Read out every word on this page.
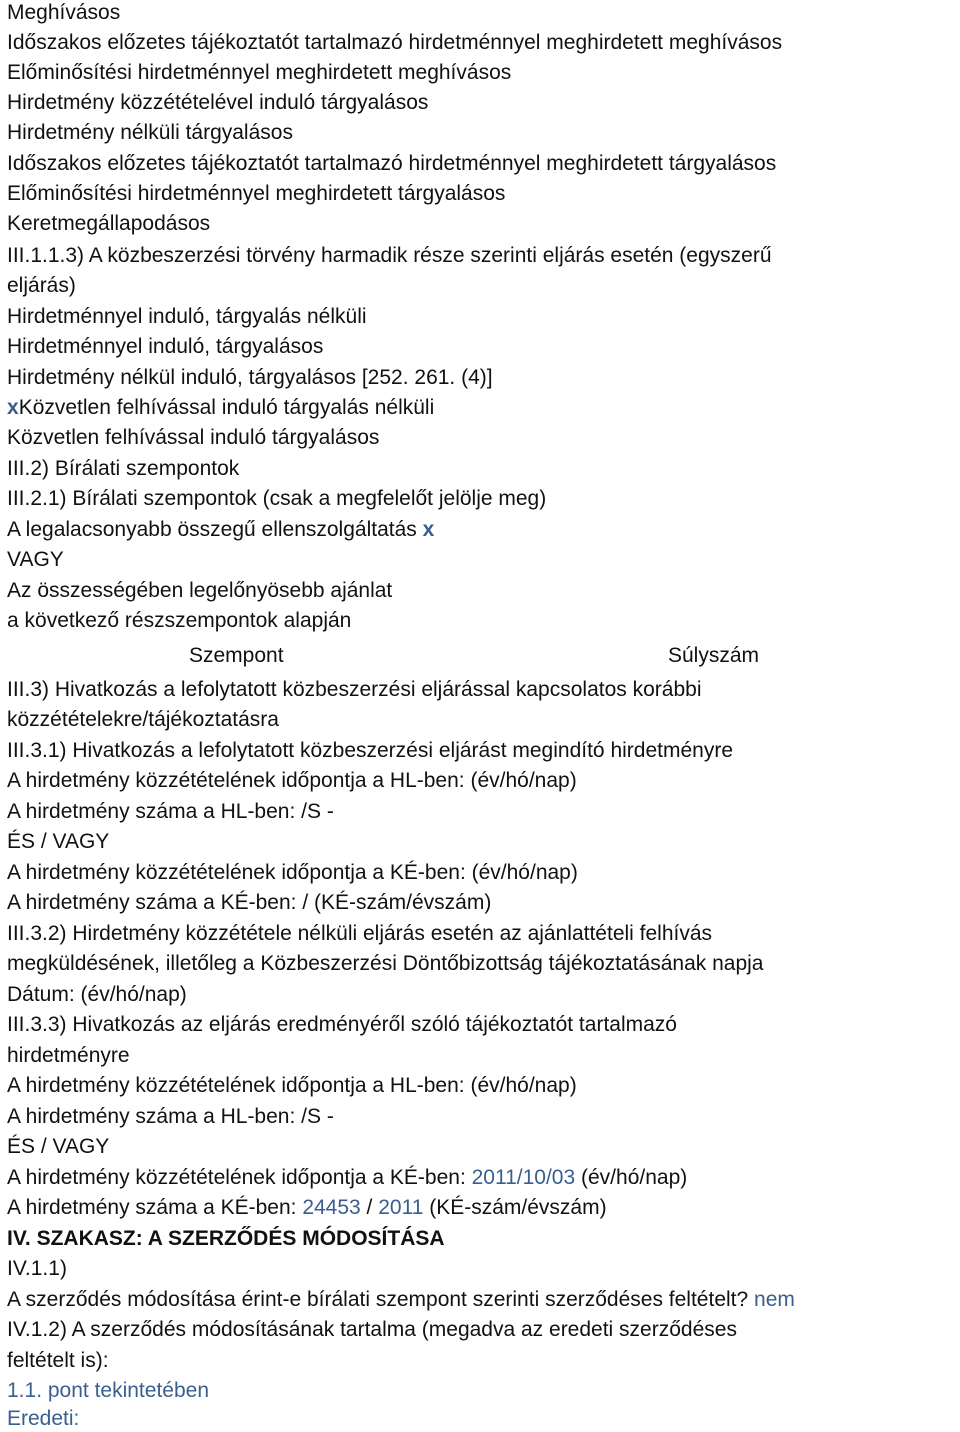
Meghívásos
Időszakos előzetes tájékoztatót tartalmazó hirdetménnyel meghirdetett meghívásos
Előminősítési hirdetménnyel meghirdetett meghívásos
Hirdetmény közzétételével induló tárgyalásos
Hirdetmény nélküli tárgyalásos
Időszakos előzetes tájékoztatót tartalmazó hirdetménnyel meghirdetett tárgyalásos
Előminősítési hirdetménnyel meghirdetett tárgyalásos
Keretmegállapodásos
III.1.1.3) A közbeszerzési törvény harmadik része szerinti eljárás esetén (egyszerű
eljárás)
Hirdetménnyel induló, tárgyalás nélküli
Hirdetménnyel induló, tárgyalásos
Hirdetmény nélkül induló, tárgyalásos [252. 261. (4)]
xKözvetlen felhívással induló tárgyalás nélküli
Közvetlen felhívással induló tárgyalásos
III.2) Bírálati szempontok
III.2.1) Bírálati szempontok (csak a megfelelőt jelölje meg)
A legalacsonyabb összegű ellenszolgáltatás x
VAGY
Az összességében legelőnyösebb ajánlat
a következő részszempontok alapján
Szempont	Súlyszám
III.3) Hivatkozás a lefolytatott közbeszerzési eljárással kapcsolatos korábbi
közzétételekre/tájékoztatásra
III.3.1) Hivatkozás a lefolytatott közbeszerzési eljárást megindító hirdetményre
A hirdetmény közzétételének időpontja a HL-ben: (év/hó/nap)
A hirdetmény száma a HL-ben: /S -
ÉS / VAGY
A hirdetmény közzétételének időpontja a KÉ-ben: (év/hó/nap)
A hirdetmény száma a KÉ-ben: / (KÉ-szám/évszám)
III.3.2) Hirdetmény közzététele nélküli eljárás esetén az ajánlattételi felhívás
megküldésének, illetőleg a Közbeszerzési Döntőbizottság tájékoztatásának napja
Dátum: (év/hó/nap)
III.3.3) Hivatkozás az eljárás eredményéről szóló tájékoztatót tartalmazó
hirdetményre
A hirdetmény közzétételének időpontja a HL-ben: (év/hó/nap)
A hirdetmény száma a HL-ben: /S -
ÉS / VAGY
A hirdetmény közzétételének időpontja a KÉ-ben: 2011/10/03 (év/hó/nap)
A hirdetmény száma a KÉ-ben: 24453 / 2011 (KÉ-szám/évszám)
IV. SZAKASZ: A SZERZŐDÉS MÓDOSÍTÁSA
IV.1.1)
A szerződés módosítása érint-e bírálati szempont szerinti szerződéses feltételt? nem
IV.1.2) A szerződés módosításának tartalma (megadva az eredeti szerződéses
feltételt is):
1.1. pont tekintetében
Eredeti:
